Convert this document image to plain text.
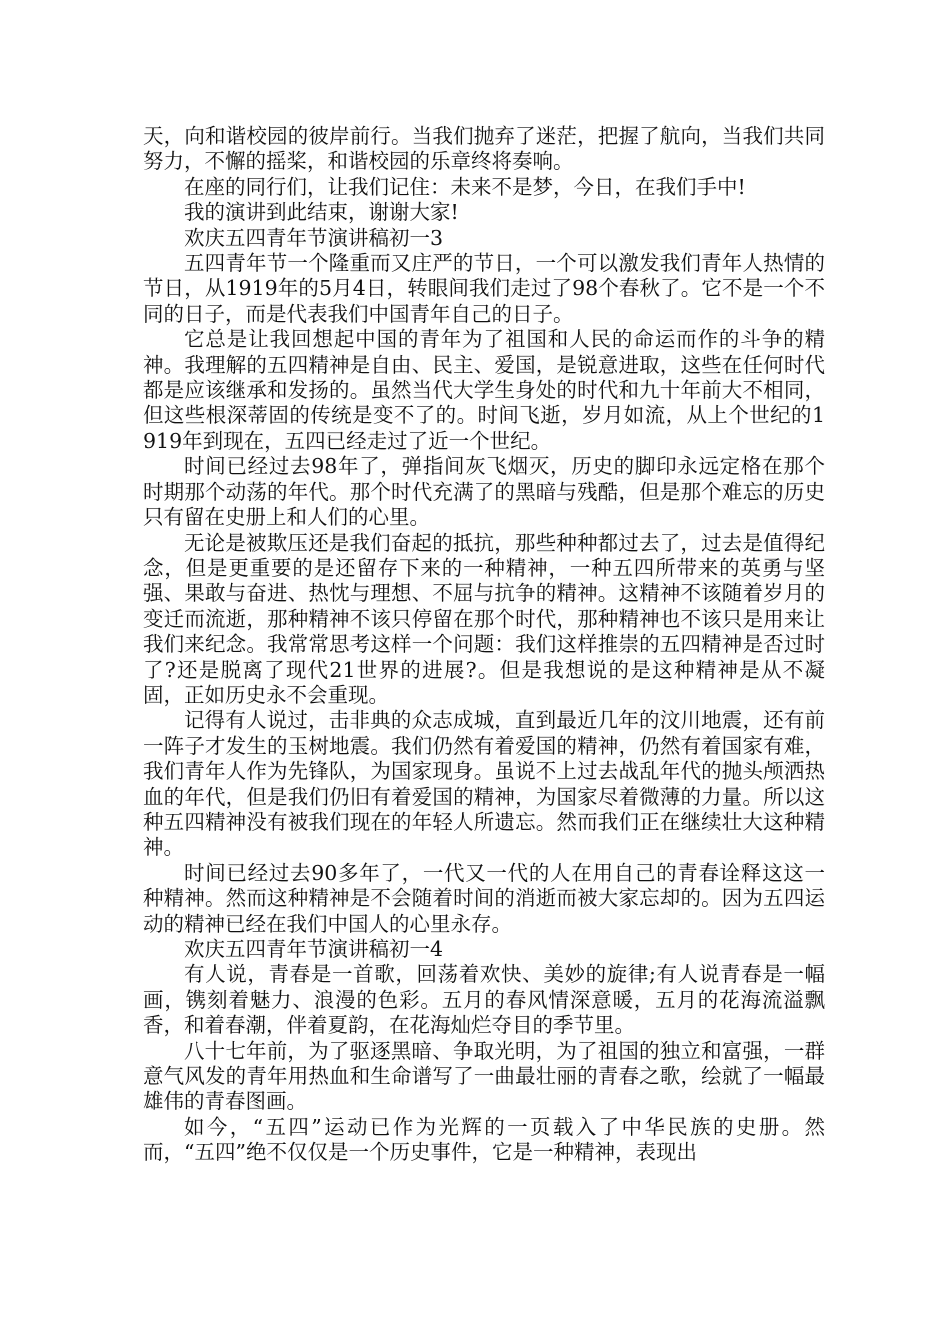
天，向和谐校园的彼岸前行。当我们抛弃了迷茫，把握了航向，当我们共同努力，不懈的摇桨，和谐校园的乐章终将奏响。

在座的同行们，让我们记住：未来不是梦，今日，在我们手中!

我的演讲到此结束，谢谢大家!

欢庆五四青年节演讲稿初一3

五四青年节一个隆重而又庄严的节日，一个可以激发我们青年人热情的节日，从1919年的5月4日，转眼间我们走过了98个春秋了。它不是一个不同的日子，而是代表我们中国青年自己的日子。

它总是让我回想起中国的青年为了祖国和人民的命运而作的斗争的精神。我理解的五四精神是自由、民主、爱国，是锐意进取，这些在任何时代都是应该继承和发扬的。虽然当代大学生身处的时代和九十年前大不相同，但这些根深蒂固的传统是变不了的。时间飞逝，岁月如流，从上个世纪的1919年到现在，五四已经走过了近一个世纪。

时间已经过去98年了，弹指间灰飞烟灭，历史的脚印永远定格在那个时期那个动荡的年代。那个时代充满了的黑暗与残酷，但是那个难忘的历史只有留在史册上和人们的心里。

无论是被欺压还是我们奋起的抵抗，那些种种都过去了，过去是值得纪念，但是更重要的是还留存下来的一种精神，一种五四所带来的英勇与坚强、果敢与奋进、热忱与理想、不屈与抗争的精神。这精神不该随着岁月的变迁而流逝，那种精神不该只停留在那个时代，那种精神也不该只是用来让我们来纪念。我常常思考这样一个问题：我们这样推崇的五四精神是否过时了?还是脱离了现代21世界的进展?。但是我想说的是这种精神是从不凝固，正如历史永不会重现。

记得有人说过，击非典的众志成城，直到最近几年的汶川地震，还有前一阵子才发生的玉树地震。我们仍然有着爱国的精神，仍然有着国家有难，我们青年人作为先锋队，为国家现身。虽说不上过去战乱年代的抛头颅洒热血的年代，但是我们仍旧有着爱国的精神，为国家尽着微薄的力量。所以这种五四精神没有被我们现在的年轻人所遗忘。然而我们正在继续壮大这种精神。

时间已经过去90多年了，一代又一代的人在用自己的青春诠释这这一种精神。然而这种精神是不会随着时间的消逝而被大家忘却的。因为五四运动的精神已经在我们中国人的心里永存。

欢庆五四青年节演讲稿初一4

有人说，青春是一首歌，回荡着欢快、美妙的旋律;有人说青春是一幅画，镌刻着魅力、浪漫的色彩。五月的春风情深意暖，五月的花海流溢飘香，和着春潮，伴着夏韵，在花海灿烂夺目的季节里。

八十七年前，为了驱逐黑暗、争取光明，为了祖国的独立和富强，一群意气风发的青年用热血和生命谱写了一曲最壮丽的青春之歌，绘就了一幅最雄伟的青春图画。

如今，“五四”运动已作为光辉的一页载入了中华民族的史册。然而，“五四”绝不仅仅是一个历史事件，它是一种精神，表现出
